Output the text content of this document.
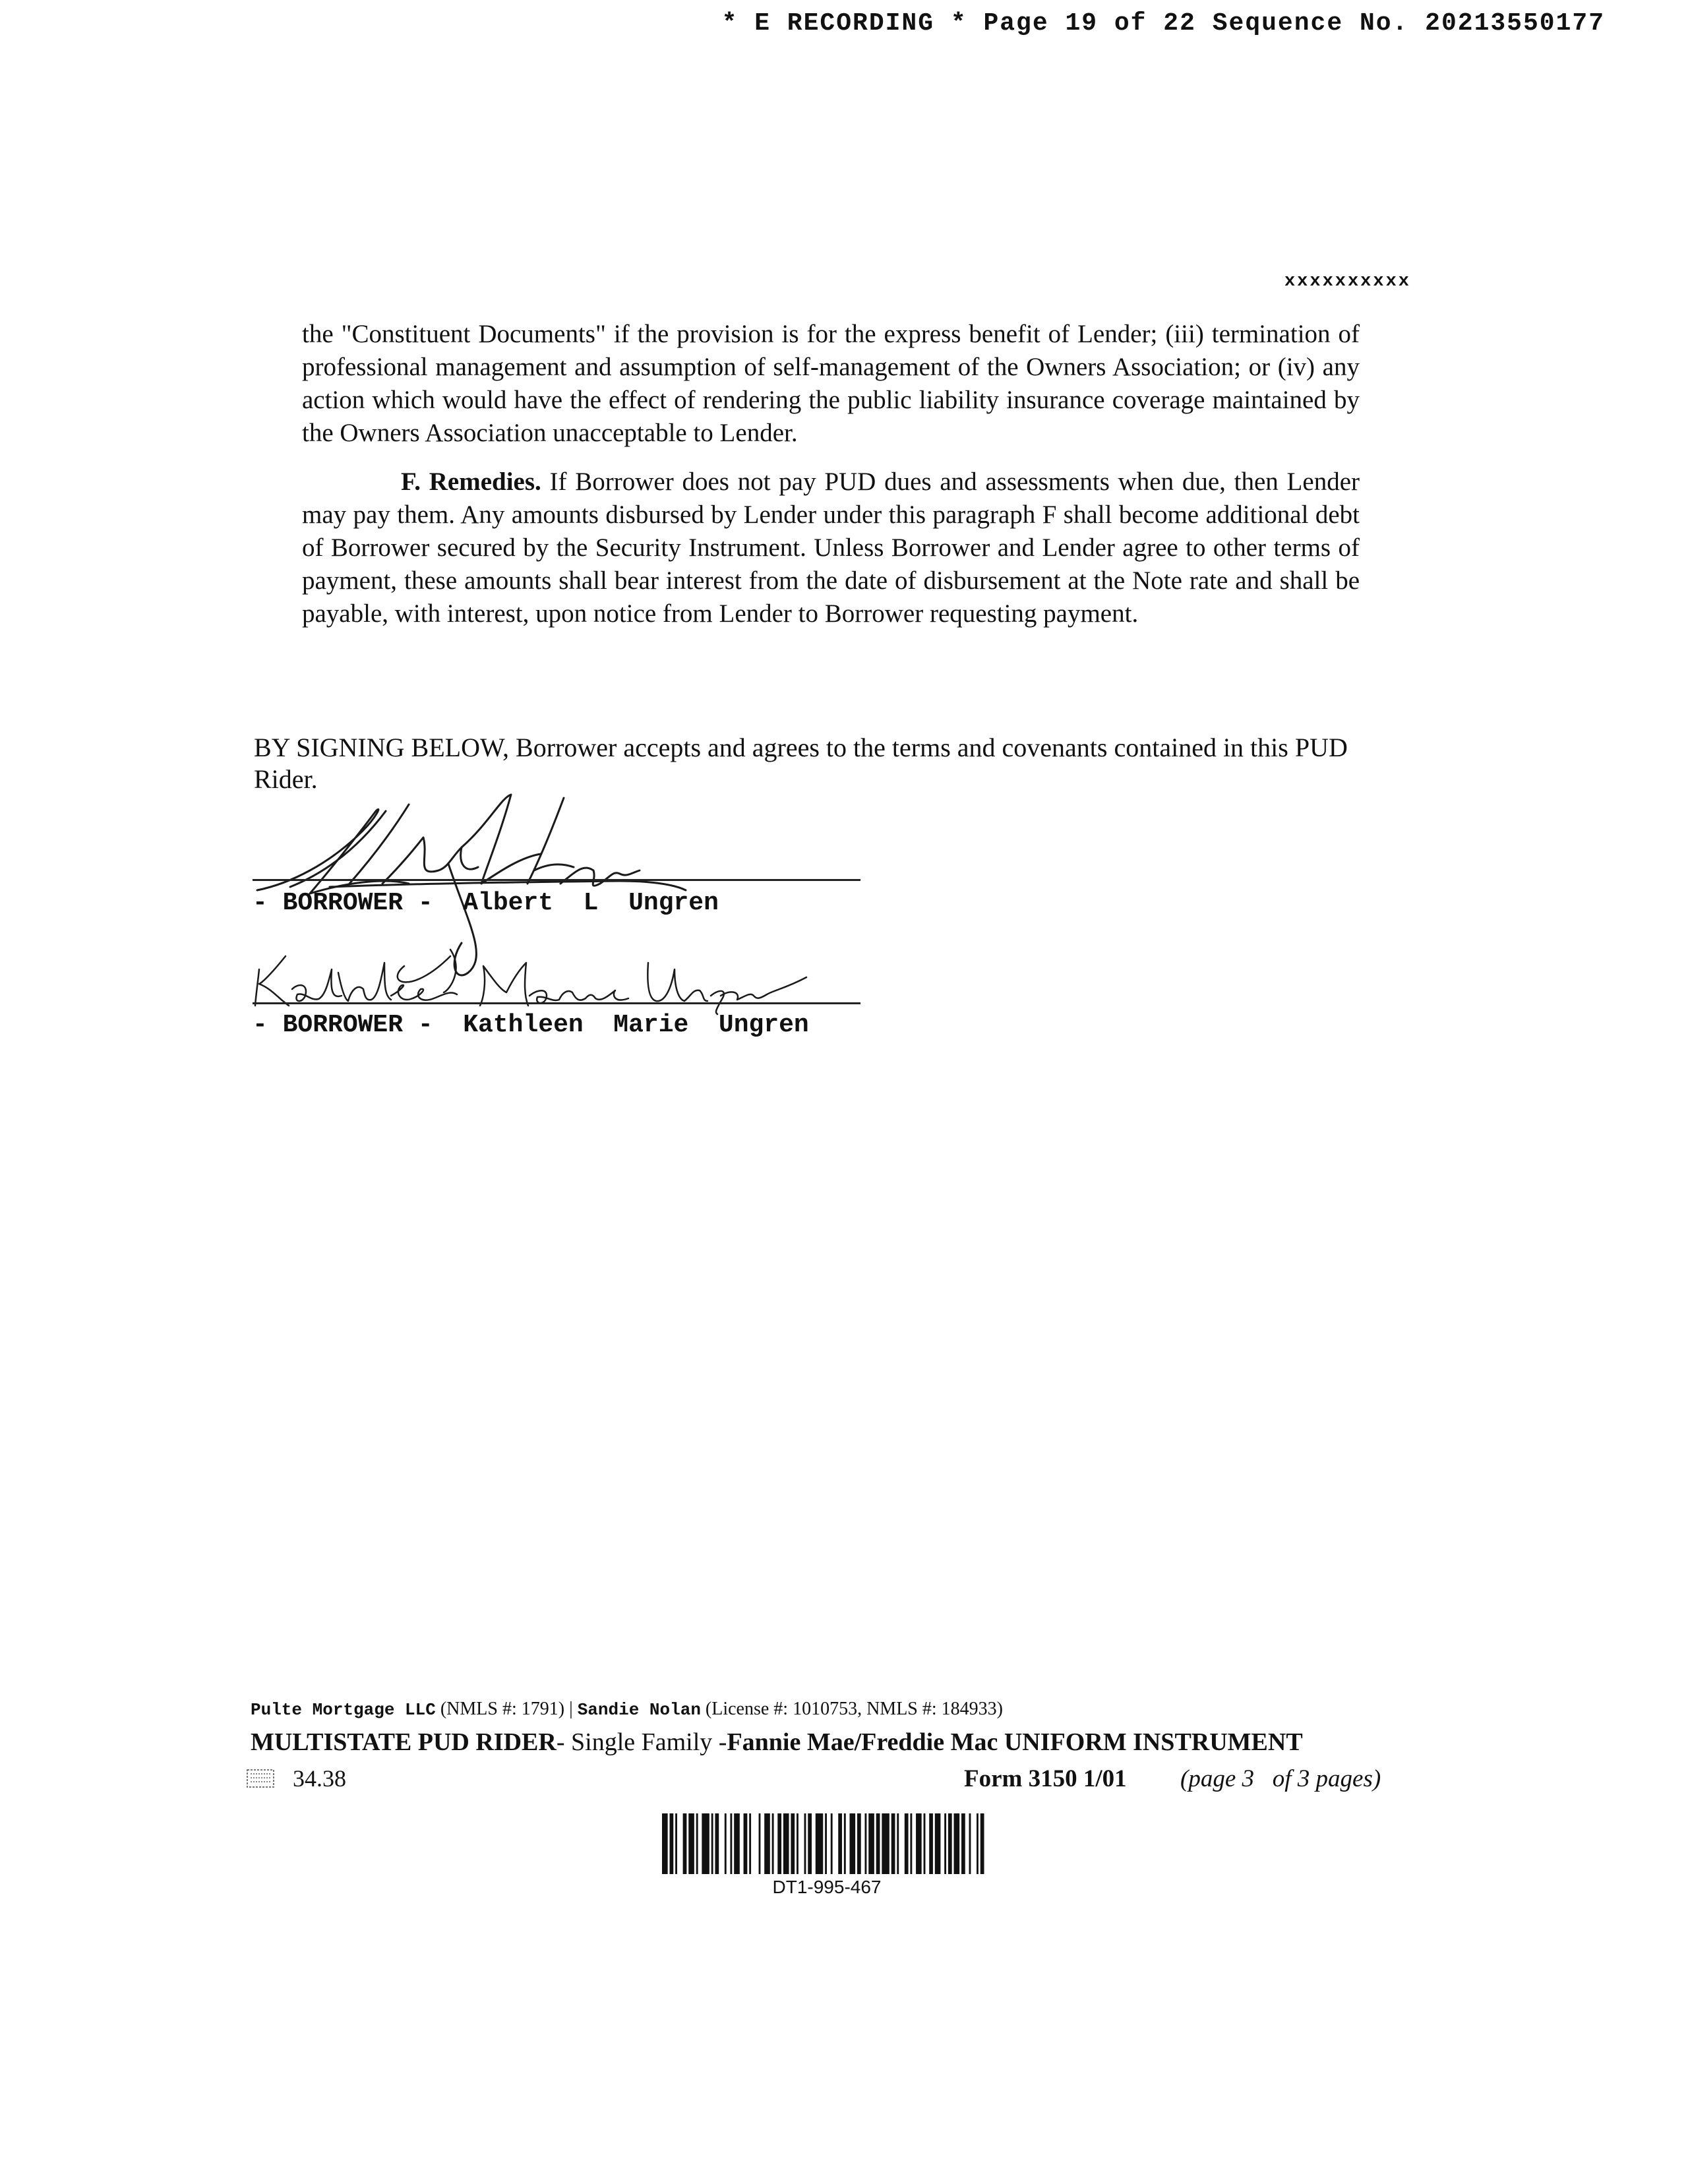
* E RECORDING * Page 19 of 22 Sequence No. 20213550177
xxxxxxxxxx
the "Constituent Documents" if the provision is for the express benefit of Lender; (iii) termination of professional management and assumption of self-management of the Owners Association; or (iv) any action which would have the effect of rendering the public liability insurance coverage maintained by the Owners Association unacceptable to Lender.
F. Remedies. If Borrower does not pay PUD dues and assessments when due, then Lender may pay them. Any amounts disbursed by Lender under this paragraph F shall become additional debt of Borrower secured by the Security Instrument. Unless Borrower and Lender agree to other terms of payment, these amounts shall bear interest from the date of disbursement at the Note rate and shall be payable, with interest, upon notice from Lender to Borrower requesting payment.
BY SIGNING BELOW, Borrower accepts and agrees to the terms and covenants contained in this PUD Rider.
- BORROWER -  Albert  L  Ungren
- BORROWER -  Kathleen  Marie  Ungren
Pulte Mortgage LLC (NMLS #: 1791) | Sandie Nolan (License #: 1010753, NMLS #: 184933)
MULTISTATE PUD RIDER- Single Family -Fannie Mae/Freddie Mac UNIFORM INSTRUMENT
34.38	Form 3150 1/01 (page 3   of 3 pages)
DT1-995-467
